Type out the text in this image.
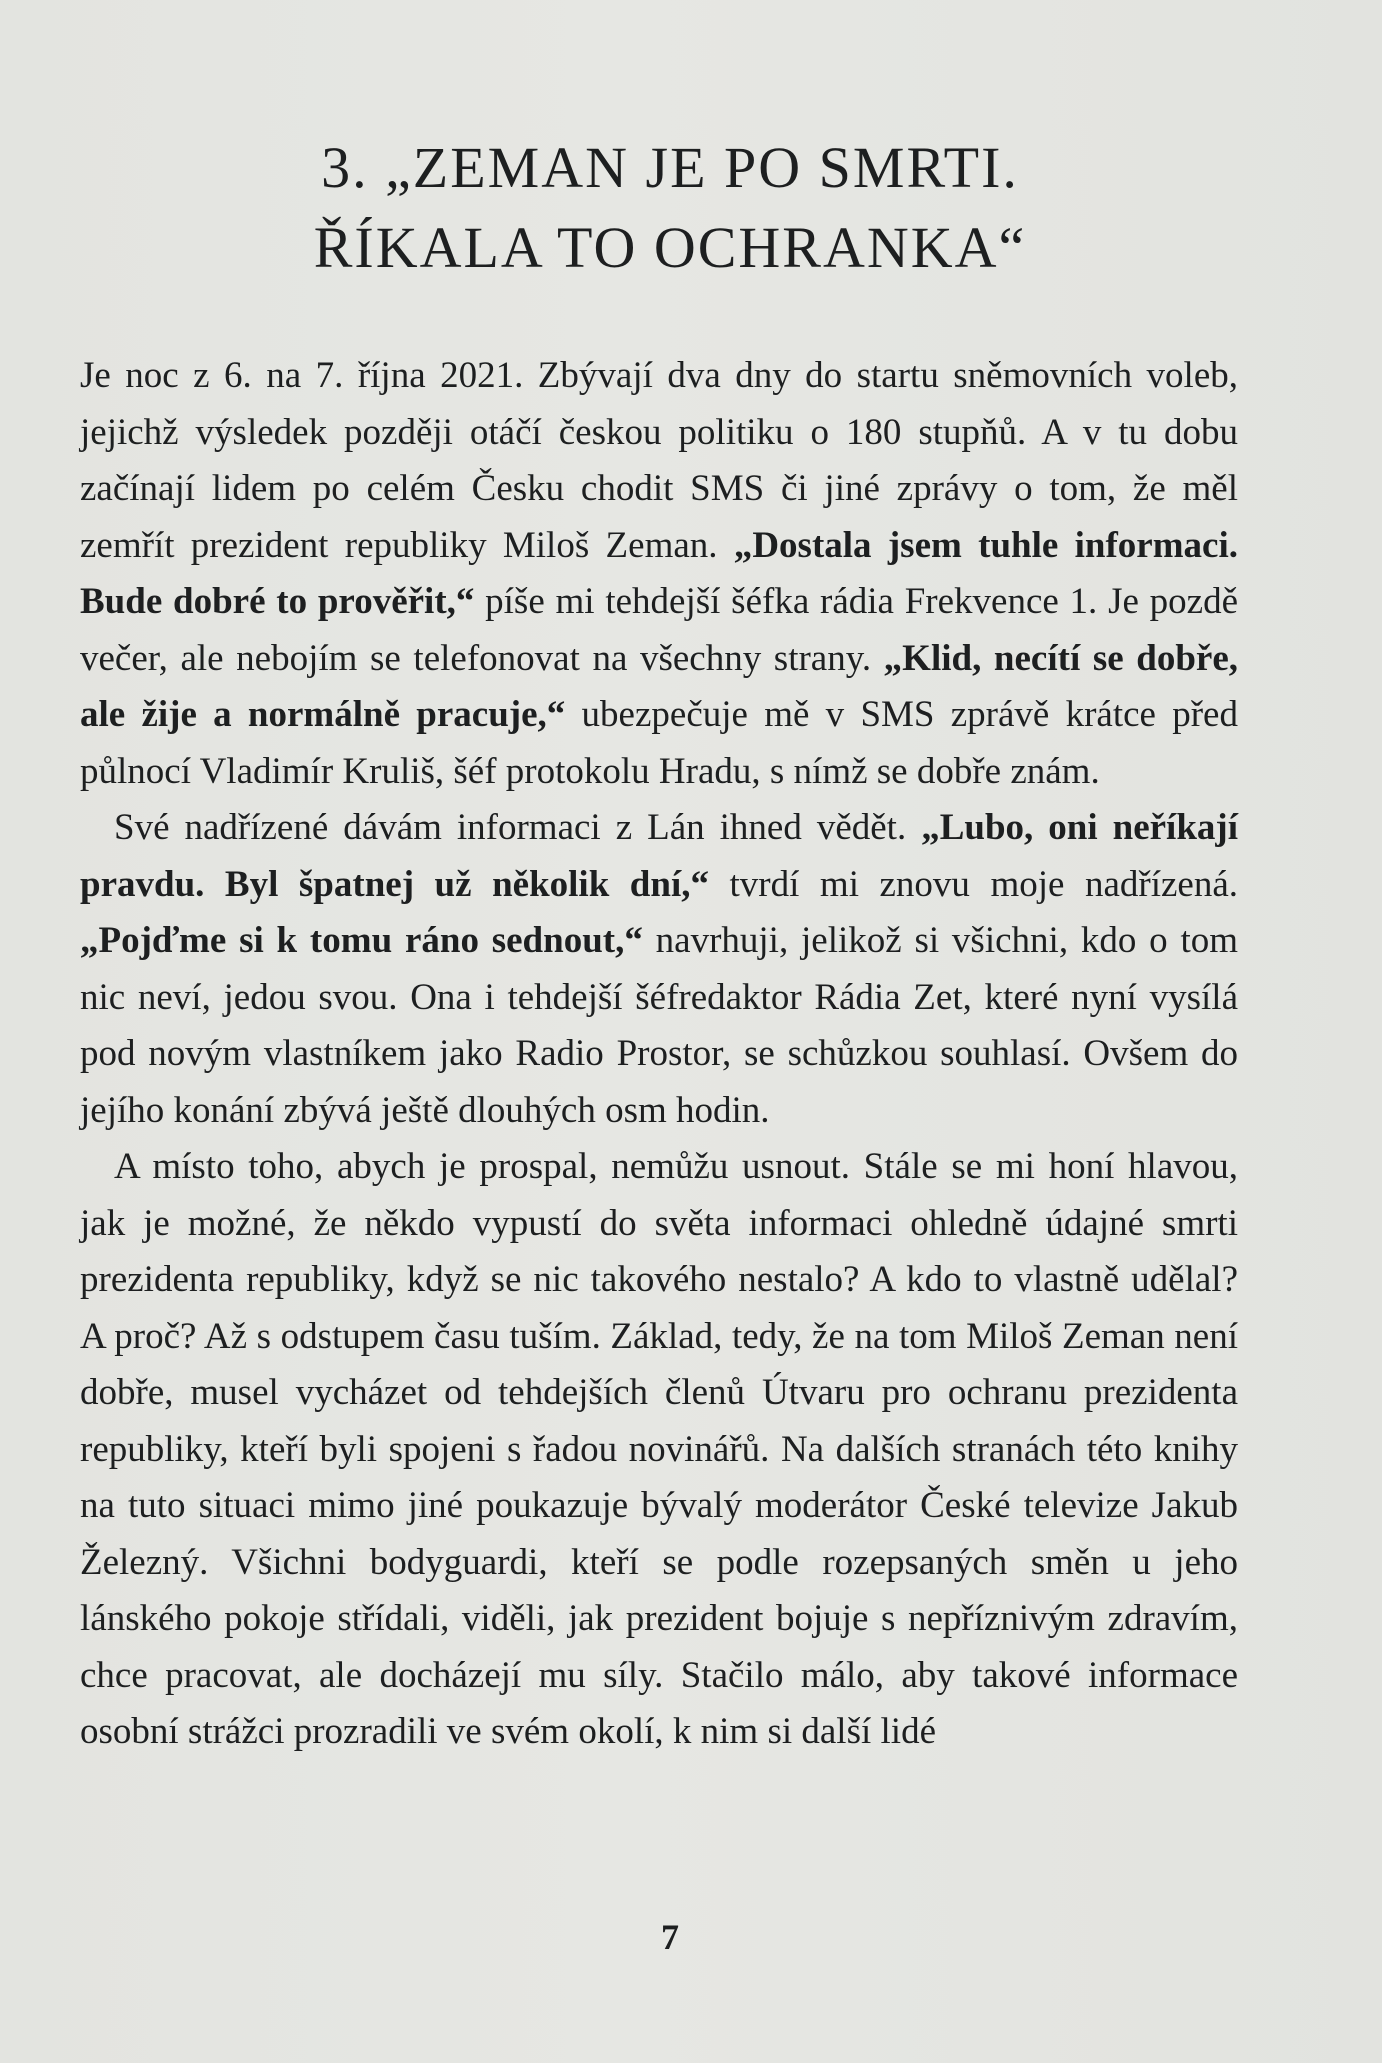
3. „ZEMAN JE PO SMRTI.
ŘÍKALA TO OCHRANKA“

Je noc z 6. na 7. října 2021. Zbývají dva dny do startu sněmovních voleb, jejichž výsledek později otáčí českou politiku o 180 stupňů. A v tu dobu začínají lidem po celém Česku chodit SMS či jiné zprávy o tom, že měl zemřít prezident republiky Miloš Zeman. „Dostala jsem tuhle informaci. Bude dobré to prověřit,“ píše mi tehdejší šéfka rádia Frekvence 1. Je pozdě večer, ale nebojím se telefonovat na všechny strany. „Klid, necítí se dobře, ale žije a normálně pracuje,“ ubezpečuje mě v SMS zprávě krátce před půlnocí Vladimír Kruliš, šéf protokolu Hradu, s nímž se dobře znám.

Své nadřízené dávám informaci z Lán ihned vědět. „Lubo, oni neříkají pravdu. Byl špatnej už několik dní,“ tvrdí mi znovu moje nadřízená. „Pojďme si k tomu ráno sednout,“ navrhuji, jelikož si všichni, kdo o tom nic neví, jedou svou. Ona i tehdejší šéfredaktor Rádia Zet, které nyní vysílá pod novým vlastníkem jako Radio Prostor, se schůzkou souhlasí. Ovšem do jejího konání zbývá ještě dlouhých osm hodin.

A místo toho, abych je prospal, nemůžu usnout. Stále se mi honí hlavou, jak je možné, že někdo vypustí do světa informaci ohledně údajné smrti prezidenta republiky, když se nic takového nestalo? A kdo to vlastně udělal? A proč? Až s odstupem času tuším. Základ, tedy, že na tom Miloš Zeman není dobře, musel vycházet od tehdejších členů Útvaru pro ochranu prezidenta republiky, kteří byli spojeni s řadou novinářů. Na dalších stranách této knihy na tuto situaci mimo jiné poukazuje bývalý moderátor České televize Jakub Železný. Všichni bodyguardi, kteří se podle rozepsaných směn u jeho lánského pokoje střídali, viděli, jak prezident bojuje s nepříznivým zdravím, chce pracovat, ale docházejí mu síly. Stačilo málo, aby takové informace osobní strážci prozradili ve svém okolí, k nim si další lidé

7
